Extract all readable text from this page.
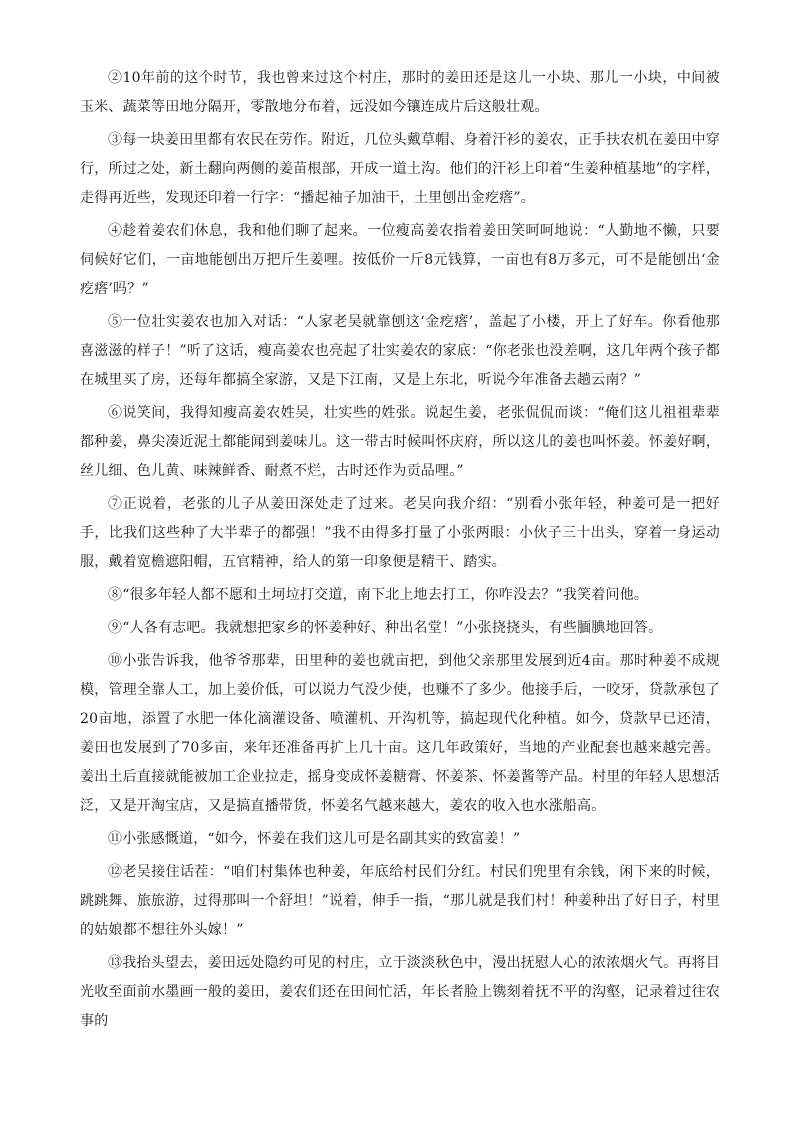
②10年前的这个时节，我也曾来过这个村庄，那时的姜田还是这儿一小块、那儿一小块，中间被玉米、蔬菜等田地分隔开，零散地分布着，远没如今镶连成片后这般壮观。

③每一块姜田里都有农民在劳作。附近，几位头戴草帽、身着汗衫的姜农，正手扶农机在姜田中穿行，所过之处，新土翻向两侧的姜苗根部，开成一道土沟。他们的汗衫上印着“生姜种植基地”的字样，走得再近些，发现还印着一行字：“播起袖子加油干，土里刨出金疙瘩”。

④趁着姜农们休息，我和他们聊了起来。一位瘦高姜农指着姜田笑呵呵地说：“人勤地不懒，只要伺候好它们，一亩地能刨出万把斤生姜哩。按低价一斤8元钱算，一亩也有8万多元，可不是能刨出‘金疙瘩’吗？”

⑤一位壮实姜农也加入对话：“人家老吴就靠刨这‘金疙瘩’，盖起了小楼，开上了好车。你看他那喜滋滋的样子！”听了这话，瘦高姜农也亮起了壮实姜农的家底：“你老张也没差啊，这几年两个孩子都在城里买了房，还每年都搞全家游，又是下江南，又是上东北，听说今年准备去趟云南？”

⑥说笑间，我得知瘦高姜农姓吴，壮实些的姓张。说起生姜，老张侃侃而谈：“俺们这儿祖祖辈辈都种姜，鼻尖凑近泥土都能闻到姜味儿。这一带古时候叫怀庆府，所以这儿的姜也叫怀姜。怀姜好啊，丝儿细、色儿黄、味辣鲜香、耐煮不烂，古时还作为贡品哩。”

⑦正说着，老张的儿子从姜田深处走了过来。老吴向我介绍：“别看小张年轻，种姜可是一把好手，比我们这些种了大半辈子的都强！”我不由得多打量了小张两眼：小伙子三十出头，穿着一身运动服，戴着宽檐遮阳帽，五官精神，给人的第一印象便是精干、踏实。

⑧“很多年轻人都不愿和土坷垃打交道，南下北上地去打工，你咋没去？”我笑着问他。

⑨“人各有志吧。我就想把家乡的怀姜种好、种出名堂！”小张挠挠头，有些腼腆地回答。

⑩小张告诉我，他爷爷那辈，田里种的姜也就亩把，到他父亲那里发展到近4亩。那时种姜不成规模，管理全靠人工，加上姜价低，可以说力气没少使，也赚不了多少。他接手后，一咬牙，贷款承包了20亩地，添置了水肥一体化滴灌设备、喷灌机、开沟机等，搞起现代化种植。如今，贷款早已还清，姜田也发展到了70多亩，来年还准备再扩上几十亩。这几年政策好，当地的产业配套也越来越完善。姜出土后直接就能被加工企业拉走，摇身变成怀姜糖膏、怀姜茶、怀姜酱等产品。村里的年轻人思想活泛，又是开淘宝店，又是搞直播带货，怀姜名气越来越大，姜农的收入也水涨船高。

⑪小张感慨道，“如今，怀姜在我们这儿可是名副其实的致富姜！”

⑫老吴接住话茬：“咱们村集体也种姜，年底给村民们分红。村民们兜里有余钱，闲下来的时候，跳跳舞、旅旅游，过得那叫一个舒坦！”说着，伸手一指，“那儿就是我们村！种姜种出了好日子，村里的姑娘都不想往外头嫁！”

⑬我抬头望去，姜田远处隐约可见的村庄，立于淡淡秋色中，漫出抚慰人心的浓浓烟火气。再将目光收至面前水墨画一般的姜田，姜农们还在田间忙活，年长者脸上镌刻着抚不平的沟壑，记录着过往农事的
